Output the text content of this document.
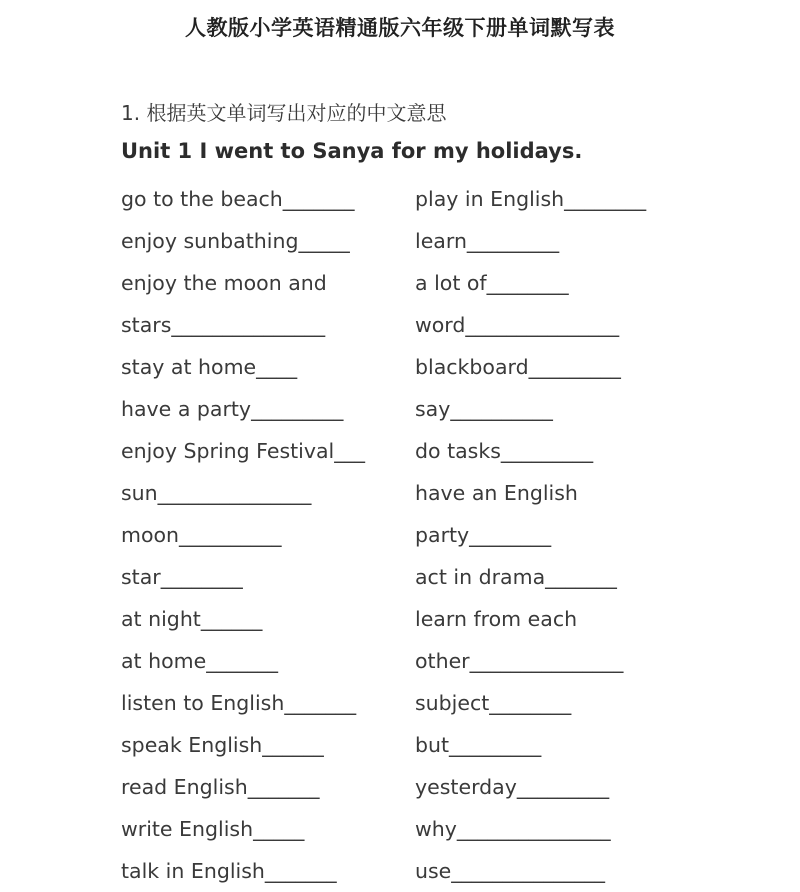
人教版小学英语精通版六年级下册单词默写表
1. 根据英文单词写出对应的中文意思
Unit 1 I went to Sanya for my holidays.
go to the beach_______	play in English________
enjoy sunbathing_____	learn_________
enjoy the moon and	a lot of________
stars_______________	word_______________
stay at home____	blackboard_________
have a party_________	say__________
enjoy Spring Festival___	do tasks_________
sun_______________	have an English
moon__________	party________
star________	act in drama_______
at night______	learn from each
at home_______	other_______________
listen to English_______	subject________
speak English______	but_________
read English_______	yesterday_________
write English_____	why_______________
talk in English_______	use_______________
